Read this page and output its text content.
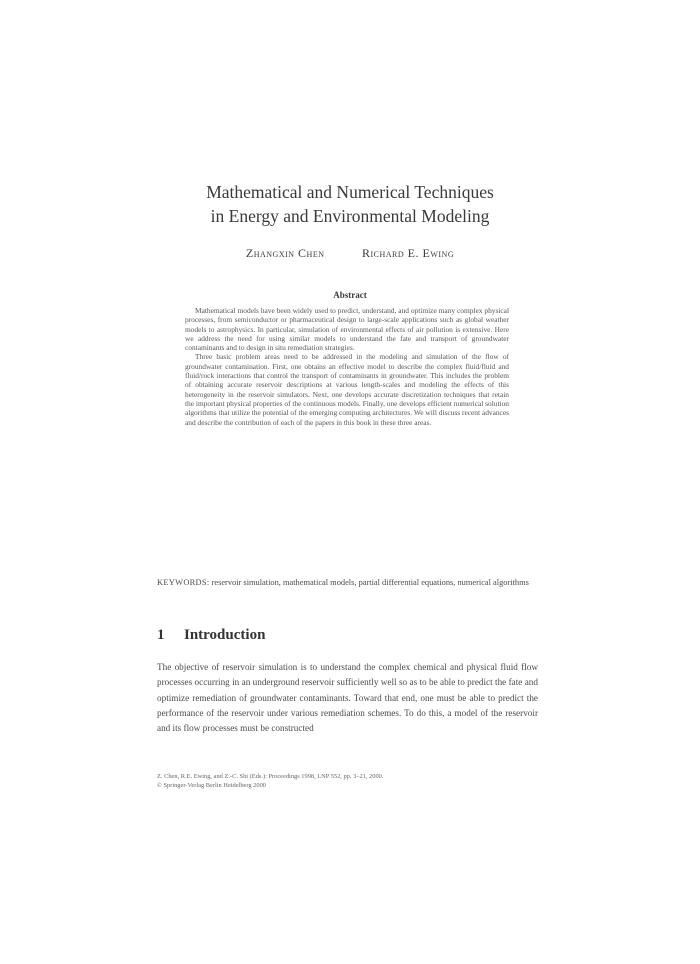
Mathematical and Numerical Techniques
in Energy and Environmental Modeling
Zhangxin Chen	Richard E. Ewing
Abstract

Mathematical models have been widely used to predict, understand, and optimize many complex physical processes, from semiconductor or pharmaceutical design to large-scale applications such as global weather models to astrophysics. In particular, simulation of environmental effects of air pollution is extensive. Here we address the need for using similar models to understand the fate and transport of groundwater contaminants and to design in situ remediation strategies.

Three basic problem areas need to be addressed in the modeling and simulation of the flow of groundwater contamination. First, one obtains an effective model to describe the complex fluid/fluid and fluid/rock interactions that control the transport of contaminants in groundwater. This includes the problem of obtaining accurate reservoir descriptions at various length-scales and modeling the effects of this heterogeneity in the reservoir simulators. Next, one develops accurate discretization techniques that retain the important physical properties of the continuous models. Finally, one develops efficient numerical solution algorithms that utilize the potential of the emerging computing architectures. We will discuss recent advances and describe the contribution of each of the papers in this book in these three areas.

KEYWORDS: reservoir simulation, mathematical models, partial differential equations, numerical algorithms
1 Introduction
The objective of reservoir simulation is to understand the complex chemical and physical fluid flow processes occurring in an underground reservoir sufficiently well so as to be able to predict the fate and optimize remediation of groundwater contaminants. Toward that end, one must be able to predict the performance of the reservoir under various remediation schemes. To do this, a model of the reservoir and its flow processes must be constructed
Z. Chen, R.E. Ewing, and Z.-C. Shi (Eds.): Proceedings 1998, LNP 552, pp. 3–21, 2000.
© Springer-Verlag Berlin Heidelberg 2000
